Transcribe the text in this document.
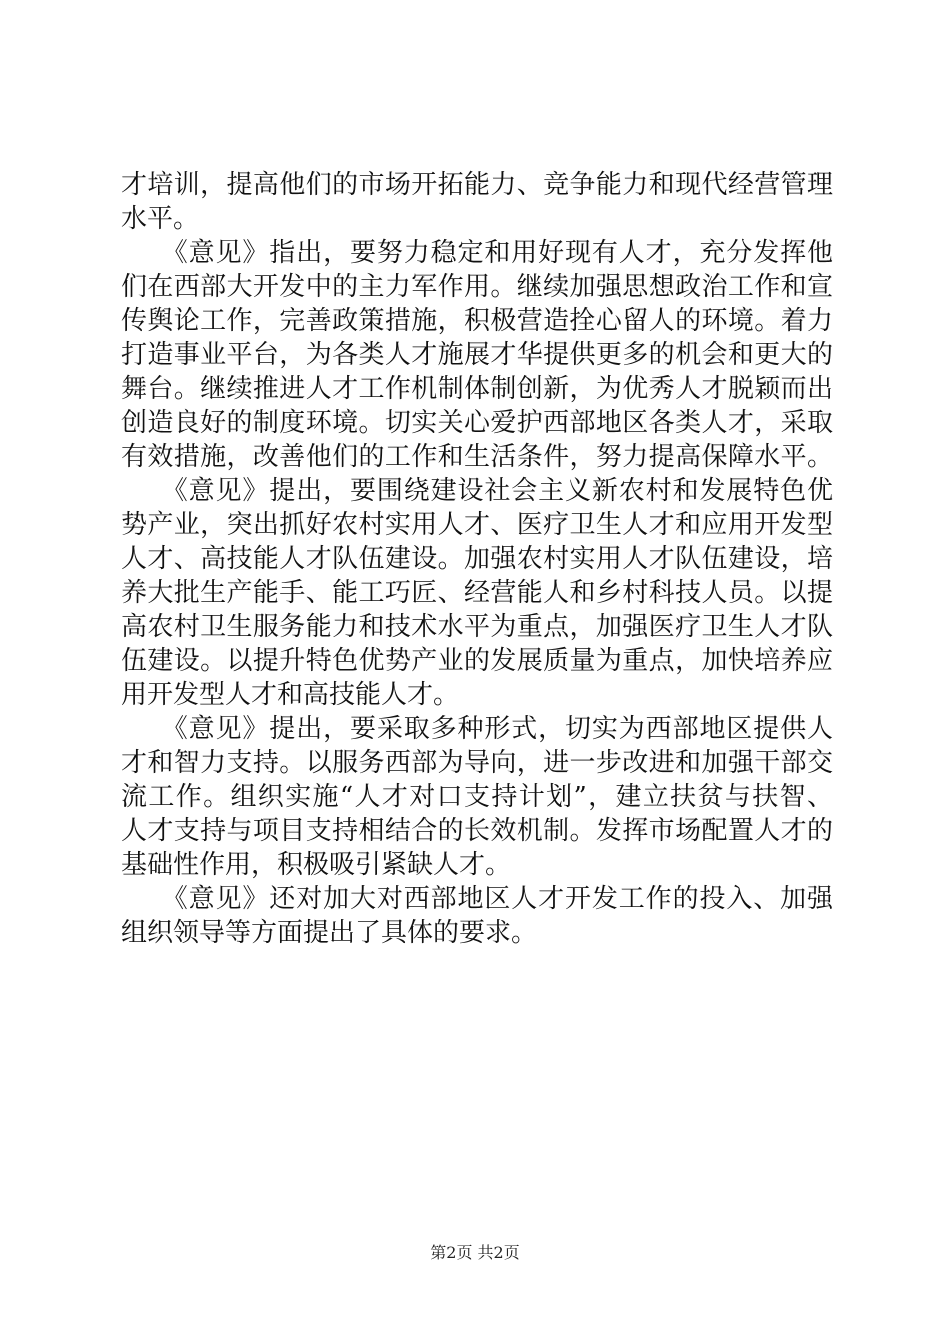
才培训，提高他们的市场开拓能力、竞争能力和现代经营管理
水平。
　　《意见》指出，要努力稳定和用好现有人才，充分发挥他
们在西部大开发中的主力军作用。继续加强思想政治工作和宣
传舆论工作，完善政策措施，积极营造拴心留人的环境。着力
打造事业平台，为各类人才施展才华提供更多的机会和更大的
舞台。继续推进人才工作机制体制创新，为优秀人才脱颖而出
创造良好的制度环境。切实关心爱护西部地区各类人才，采取
有效措施，改善他们的工作和生活条件，努力提高保障水平。
　　《意见》提出，要围绕建设社会主义新农村和发展特色优
势产业，突出抓好农村实用人才、医疗卫生人才和应用开发型
人才、高技能人才队伍建设。加强农村实用人才队伍建设，培
养大批生产能手、能工巧匠、经营能人和乡村科技人员。以提
高农村卫生服务能力和技术水平为重点，加强医疗卫生人才队
伍建设。以提升特色优势产业的发展质量为重点，加快培养应
用开发型人才和高技能人才。
　　《意见》提出，要采取多种形式，切实为西部地区提供人
才和智力支持。以服务西部为导向，进一步改进和加强干部交
流工作。组织实施“人才对口支持计划”，建立扶贫与扶智、
人才支持与项目支持相结合的长效机制。发挥市场配置人才的
基础性作用，积极吸引紧缺人才。
　　《意见》还对加大对西部地区人才开发工作的投入、加强
组织领导等方面提出了具体的要求。
第2页 共2页
